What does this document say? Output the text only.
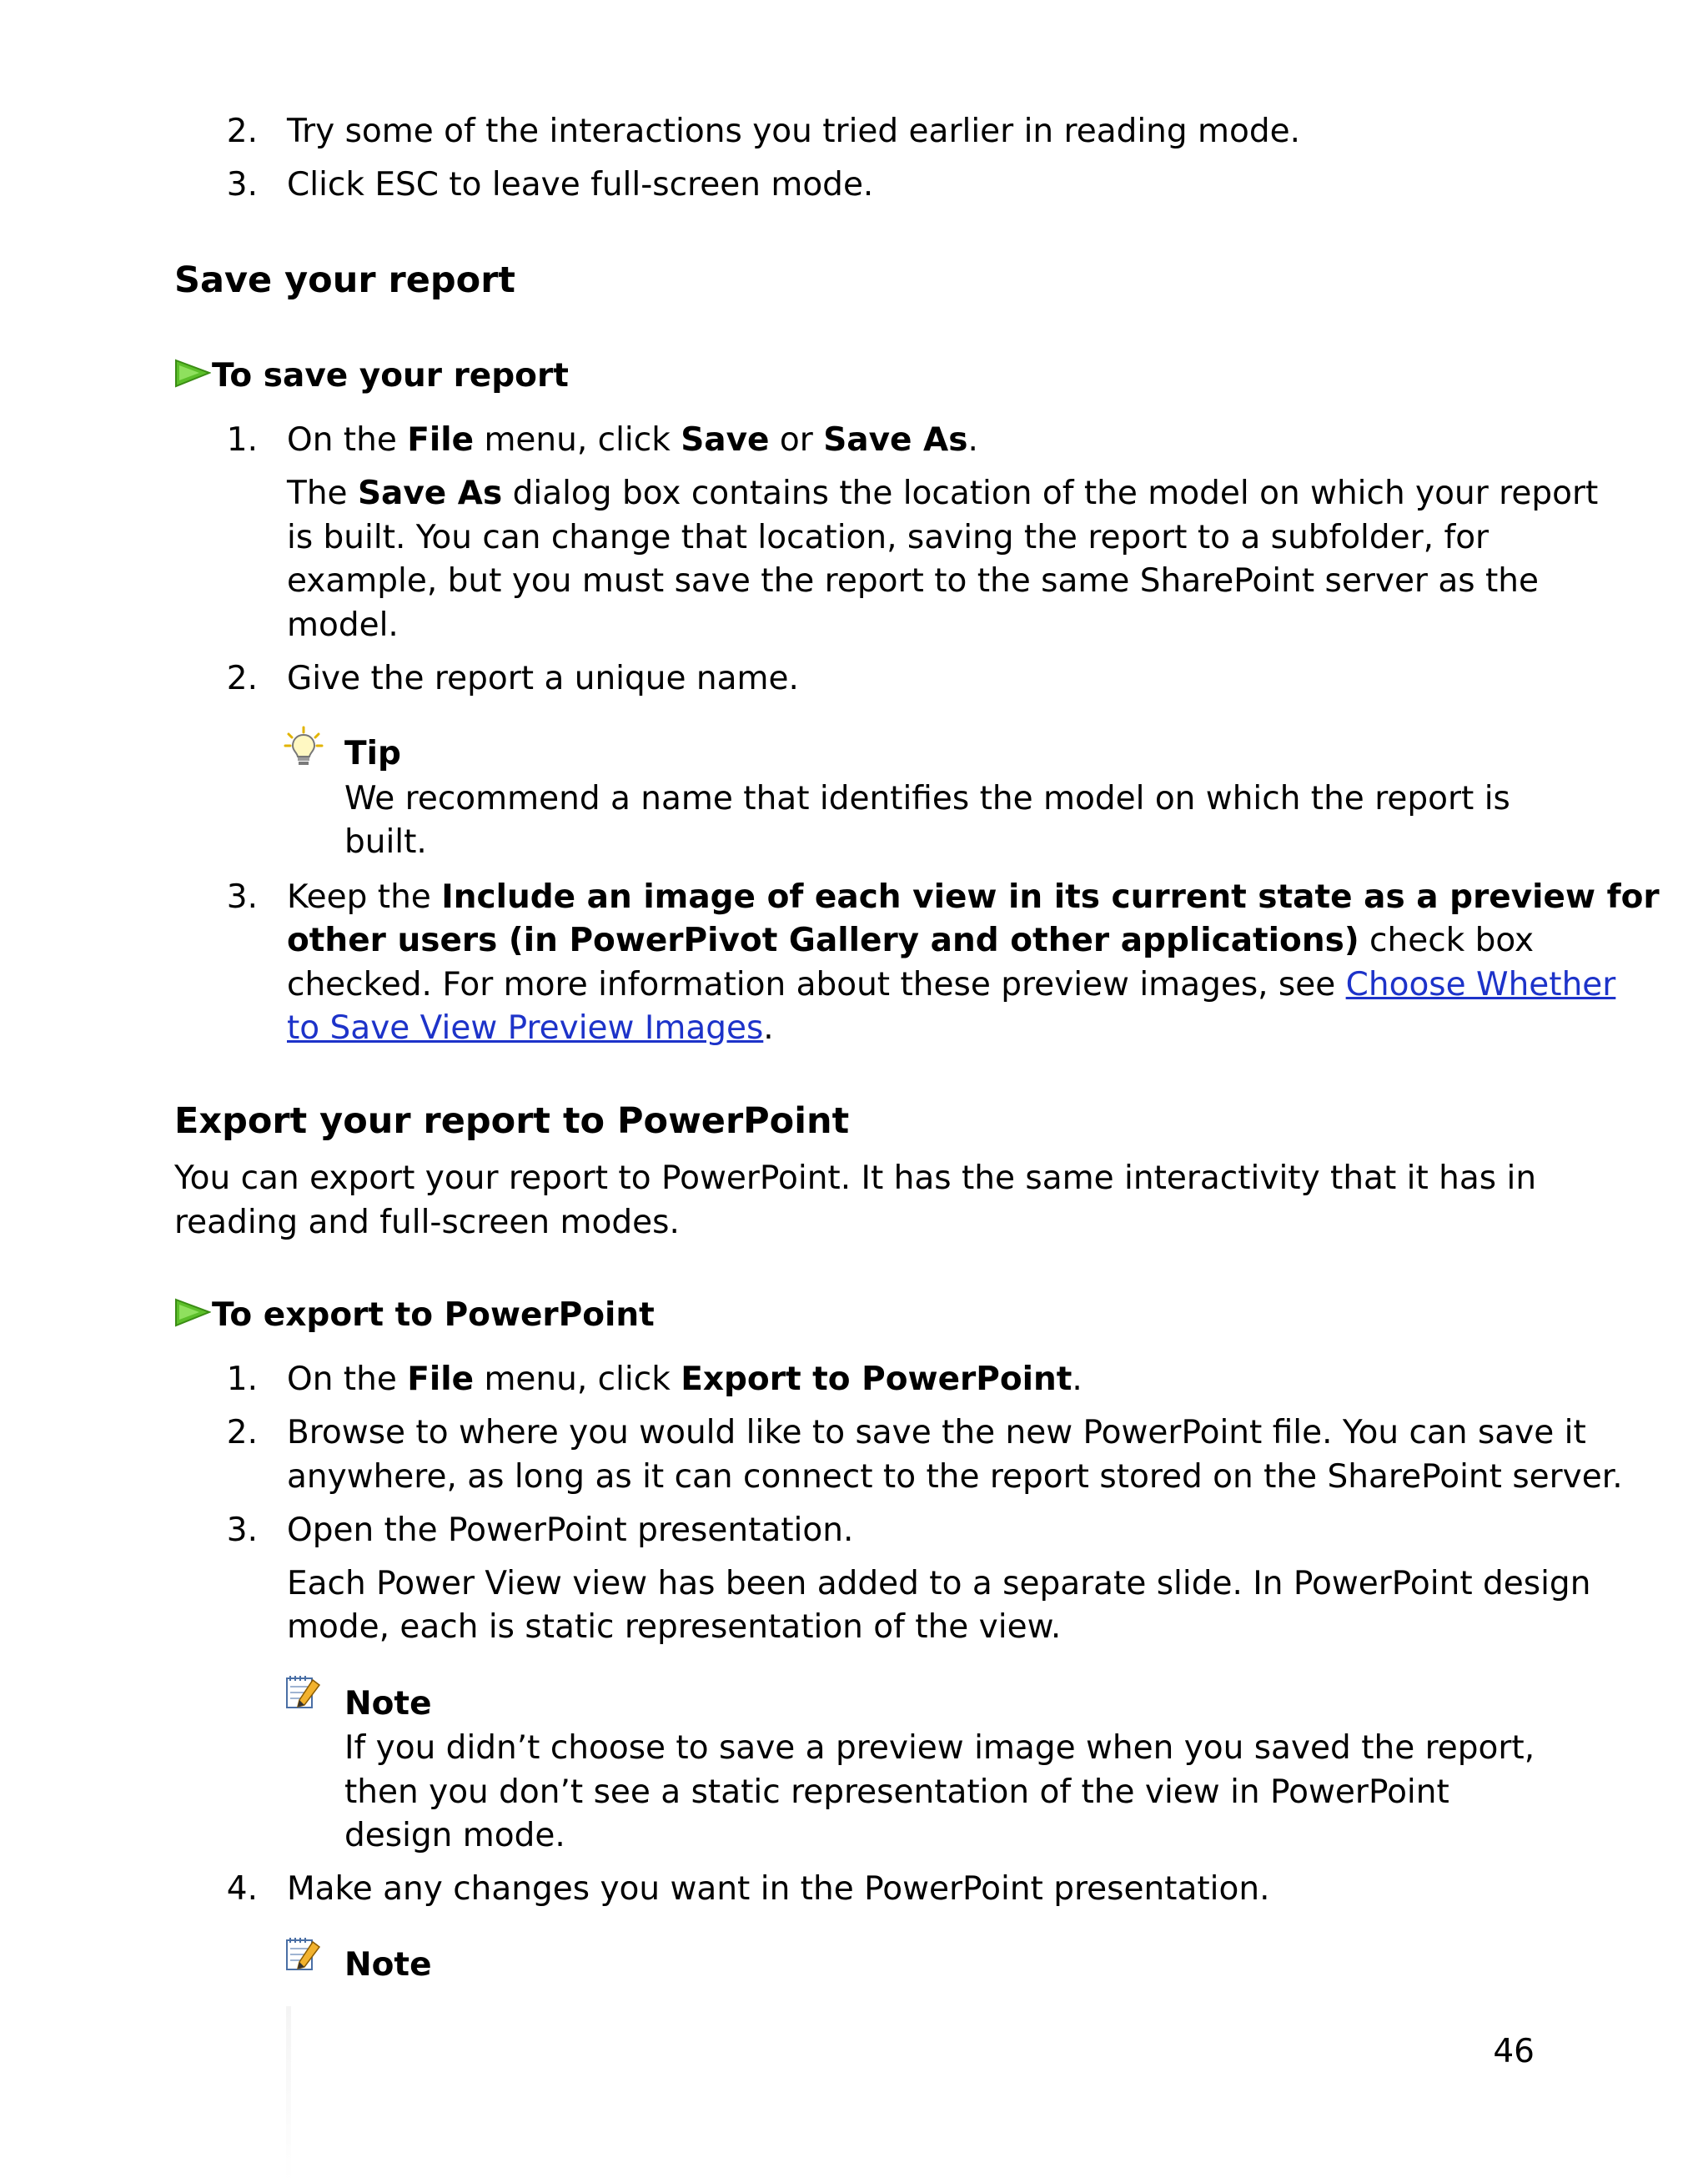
2. Try some of the interactions you tried earlier in reading mode.

3. Click ESC to leave full-screen mode.

Save your report
To save your report
1. On the File menu, click Save or Save As.

The Save As dialog box contains the location of the model on which your report

is built. You can change that location, saving the report to a subfolder, for

example, but you must save the report to the same SharePoint server as the

model.

2. Give the report a unique name.

Tip

We recommend a name that identifies the model on which the report is

built.

3. Keep the Include an image of each view in its current state as a preview for

other users (in PowerPivot Gallery and other applications) check box

checked. For more information about these preview images, see Choose Whether

to Save View Preview Images.

Export your report to PowerPoint

You can export your report to PowerPoint. It has the same interactivity that it has in

reading and full-screen modes.

To export to PowerPoint
1. On the File menu, click Export to PowerPoint.

2. Browse to where you would like to save the new PowerPoint file. You can save it

anywhere, as long as it can connect to the report stored on the SharePoint server.

3. Open the PowerPoint presentation.

Each Power View view has been added to a separate slide. In PowerPoint design

mode, each is static representation of the view.

Note

If you didn’t choose to save a preview image when you saved the report,

then you don’t see a static representation of the view in PowerPoint

design mode.

4. Make any changes you want in the PowerPoint presentation.

Note

46
